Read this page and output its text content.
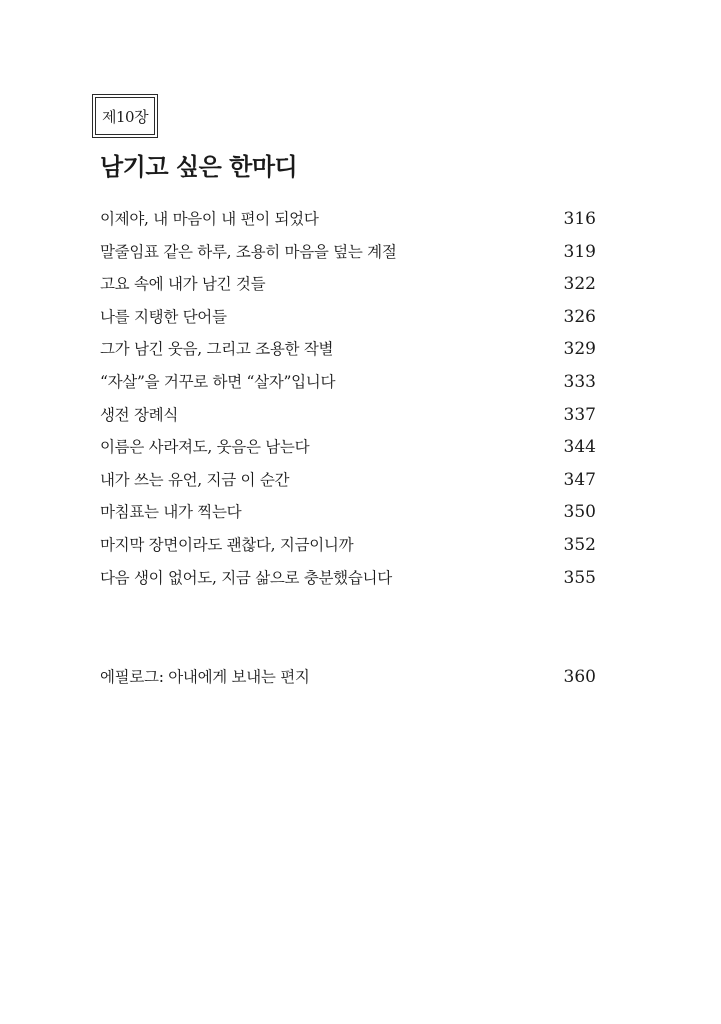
제10장
남기고 싶은 한마디
이제야, 내 마음이 내 편이 되었다	316
말줄임표 같은 하루, 조용히 마음을 덮는 계절	319
고요 속에 내가 남긴 것들	322
나를 지탱한 단어들	326
그가 남긴 웃음, 그리고 조용한 작별	329
“자살”을 거꾸로 하면 “살자”입니다	333
생전 장례식	337
이름은 사라져도, 웃음은 남는다	344
내가 쓰는 유언, 지금 이 순간	347
마침표는 내가 찍는다	350
마지막 장면이라도 괜찮다, 지금이니까	352
다음 생이 없어도, 지금 삶으로 충분했습니다	355
에필로그: 아내에게 보내는 편지	360
